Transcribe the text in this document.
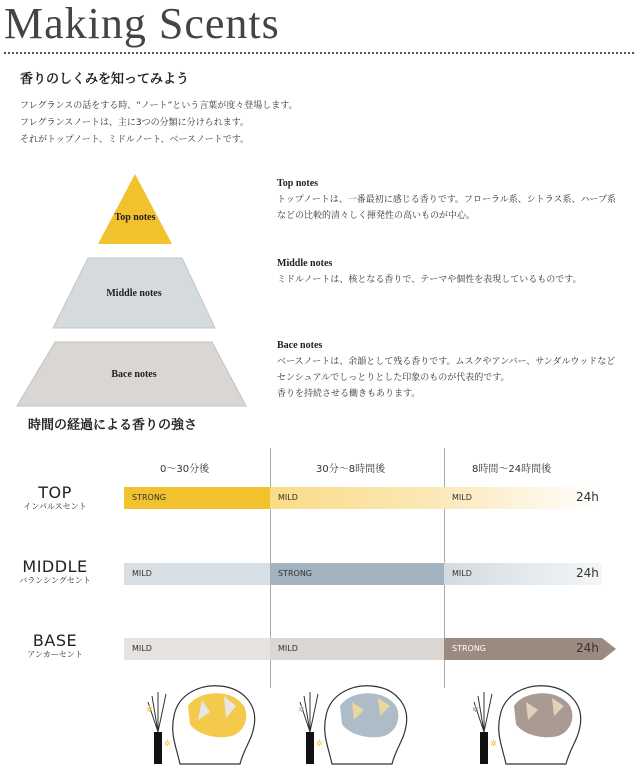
Making Scents
香りのしくみを知ってみよう
フレグランスの話をする時、“ノート”という言葉が度々登場します。
フレグランスノートは、主に3つの分類に分けられます。
それがトップノート、ミドルノート、ベースノートです。
Top notes
Middle notes
Bace notes
Top notes
トップノートは、一番最初に感じる香りです。フローラル系、シトラス系、ハーブ系
などの比較的清々しく揮発性の高いものが中心。
Middle notes
ミドルノートは、核となる香りで、テーマや個性を表現しているものです。
Bace notes
ベースノートは、余韻として残る香りです。ムスクやアンバー、サンダルウッドなど
センシュアルでしっとりとした印象のものが代表的です。
香りを持続させる働きもあります。
時間の経過による香りの強さ
0～30分後	30分～8時間後	8時間～24時間後
TOP
インパルスセント
STRONG	MILD	MILD	24h
MIDDLE
バランシングセント
MILD	STRONG	MILD	24h
BASE
アンカーセント
MILD	MILD	STRONG	24h
✲
✲
✲
✲
✲
✲
